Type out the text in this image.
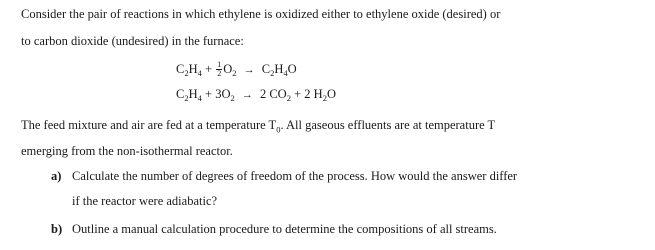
Consider the pair of reactions in which ethylene is oxidized either to ethylene oxide (desired) or
to carbon dioxide (undesired) in the furnace:
$C_2H_4 + \frac{1}{2} O_2 \to C_2H_4O$
$C_2H_4 + 3O_2 \to 2$ $CO_2 + 2$ $H_2O$
The feed mixture and air are fed at a temperature $T_0$. All gaseous effluents are at temperature T
emerging from the non-isothermal reactor.
a) Calculate the number of degrees of freedom of the process. How would the answer differ
if the reactor were adiabatic?
b) Outline a manual calculation procedure to determine the compositions of all streams.
